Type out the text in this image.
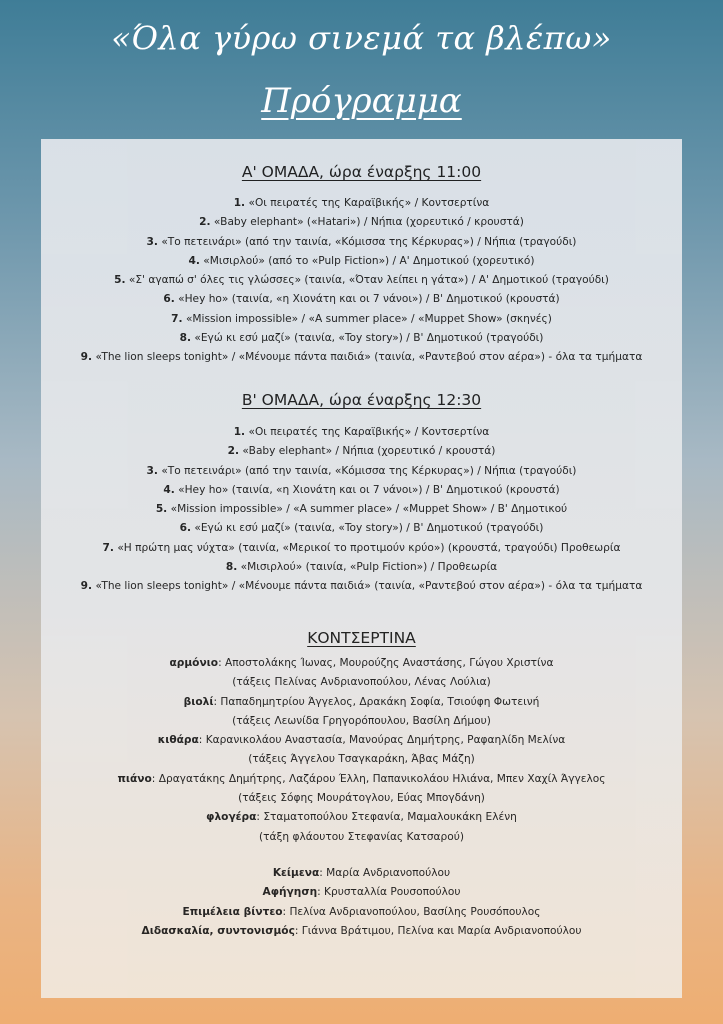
«Όλα γύρω σινεμά τα βλέπω»
Πρόγραμμα

Α' ΟΜΑΔΑ, ώρα έναρξης 11:00

1. «Οι πειρατές της Καραϊβικής» / Κοντσερτίνα

2. «Baby elephant» («Hatari») / Νήπια (χορευτικό / κρουστά)

3. «Το πετεινάρι» (από την ταινία, «Κόμισσα της Κέρκυρας») / Νήπια (τραγούδι)

4. «Μισιρλού» (από το «Pulp Fiction») / Α' Δημοτικού (χορευτικό)

5. «Σ' αγαπώ σ' όλες τις γλώσσες» (ταινία, «Όταν λείπει η γάτα») / Α' Δημοτικού (τραγούδι)

6. «Hey ho» (ταινία, «η Χιονάτη και οι 7 νάνοι») / Β' Δημοτικού (κρουστά)

7. «Mission impossible» / «A summer place» / «Muppet Show» (σκηνές)

8. «Εγώ κι εσύ μαζί» (ταινία, «Toy story») / Β' Δημοτικού (τραγούδι)

9. «The lion sleeps tonight» / «Μένουμε πάντα παιδιά» (ταινία, «Ραντεβού στον αέρα») - όλα τα τμήματα

Β' ΟΜΑΔΑ, ώρα έναρξης 12:30

1. «Οι πειρατές της Καραϊβικής» / Κοντσερτίνα

2. «Baby elephant» / Νήπια (χορευτικό / κρουστά)

3. «Το πετεινάρι» (από την ταινία, «Κόμισσα της Κέρκυρας») / Νήπια (τραγούδι)

4. «Hey ho» (ταινία, «η Χιονάτη και οι 7 νάνοι») / Β' Δημοτικού (κρουστά)

5. «Mission impossible» / «A summer place» / «Muppet Show» / Β' Δημοτικού

6. «Εγώ κι εσύ μαζί» (ταινία, «Toy story») / Β' Δημοτικού (τραγούδι)

7. «Η πρώτη μας νύχτα» (ταινία, «Μερικοί το προτιμούν κρύο») (κρουστά, τραγούδι) Προθεωρία

8. «Μισιρλού» (ταινία, «Pulp Fiction») / Προθεωρία

9. «The lion sleeps tonight» / «Μένουμε πάντα παιδιά» (ταινία, «Ραντεβού στον αέρα») - όλα τα τμήματα

ΚΟΝΤΣΕΡΤΙΝΑ

αρμόνιο: Αποστολάκης Ίωνας, Μουρούζης Αναστάσης, Γώγου Χριστίνα

(τάξεις Πελίνας Ανδριανοπούλου, Λένας Λούλια)

βιολί: Παπαδημητρίου Άγγελος, Δρακάκη Σοφία, Τσιούφη Φωτεινή

(τάξεις Λεωνίδα Γρηγορόπουλου, Βασίλη Δήμου)

κιθάρα: Καρανικολάου Αναστασία, Μανούρας Δημήτρης, Ραφαηλίδη Μελίνα

(τάξεις Άγγελου Τσαγκαράκη, Άβας Μάζη)

πιάνο: Δραγατάκης Δημήτρης, Λαζάρου Έλλη, Παπανικολάου Ηλιάνα, Μπεν Χαχίλ Άγγελος

(τάξεις Σόφης Μουράτογλου, Εύας Μπογδάνη)

φλογέρα: Σταματοπούλου Στεφανία, Μαμαλουκάκη Ελένη

(τάξη φλάουτου Στεφανίας Κατσαρού)

Κείμενα: Μαρία Ανδριανοπούλου

Αφήγηση: Κρυσταλλία Ρουσοπούλου

Επιμέλεια βίντεο: Πελίνα Ανδριανοπούλου, Βασίλης Ρουσόπουλος

Διδασκαλία, συντονισμός: Γιάννα Βράτιμου, Πελίνα και Μαρία Ανδριανοπούλου
